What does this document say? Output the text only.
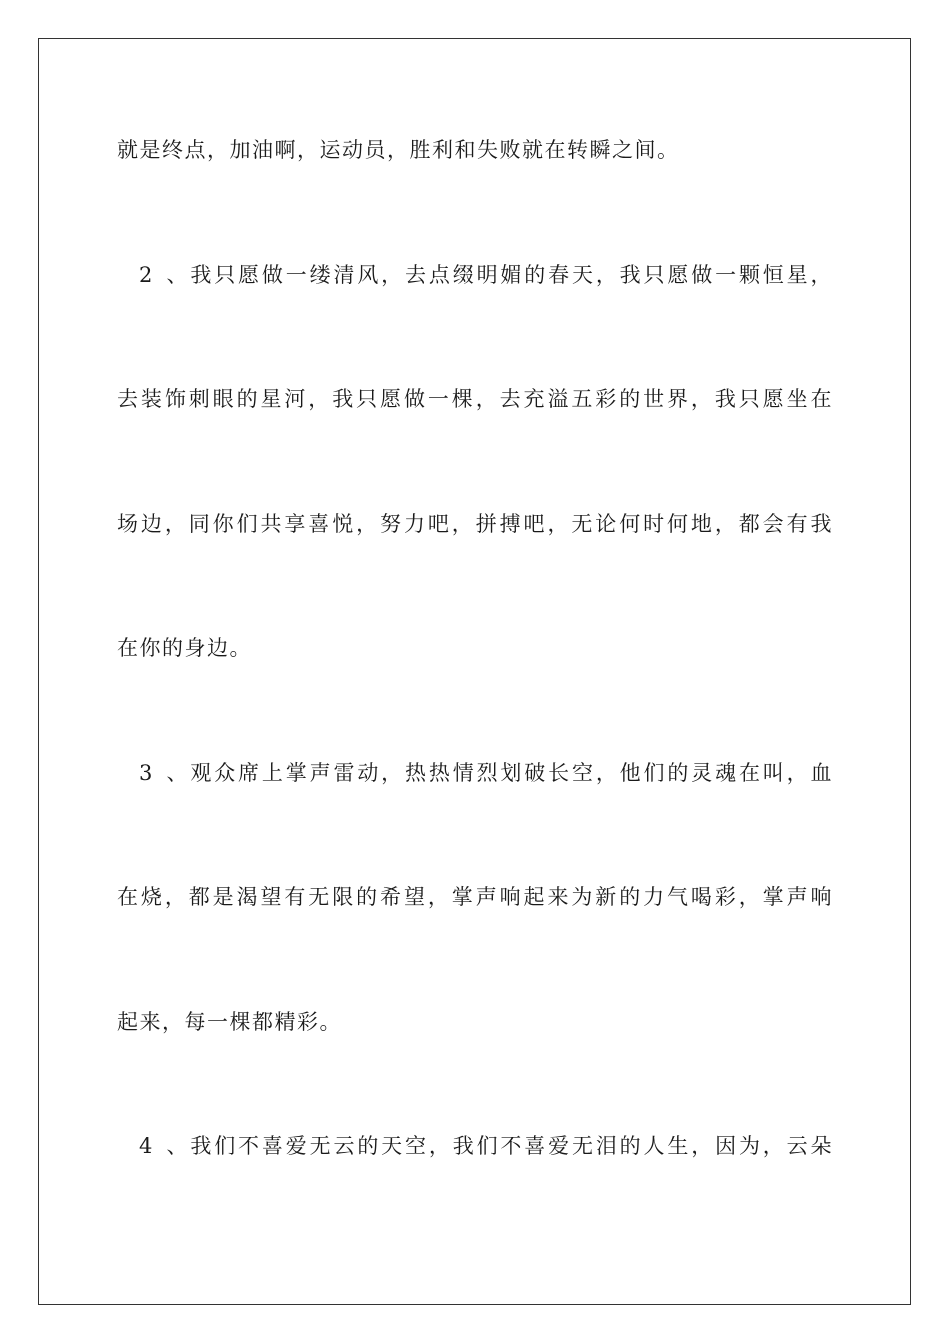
就是终点，加油啊，运动员，胜利和失败就在转瞬之间。
2、我只愿做一缕清风，去点缀明媚的春天，我只愿做一颗恒星，
去装饰刺眼的星河，我只愿做一棵，去充溢五彩的世界，我只愿坐在
场边，同你们共享喜悦，努力吧，拼搏吧，无论何时何地，都会有我
在你的身边。
3、观众席上掌声雷动，热热情烈划破长空，他们的灵魂在叫，血
在烧，都是渴望有无限的希望，掌声响起来为新的力气喝彩，掌声响
起来，每一棵都精彩。
4、我们不喜爱无云的天空，我们不喜爱无泪的人生，因为，云朵
